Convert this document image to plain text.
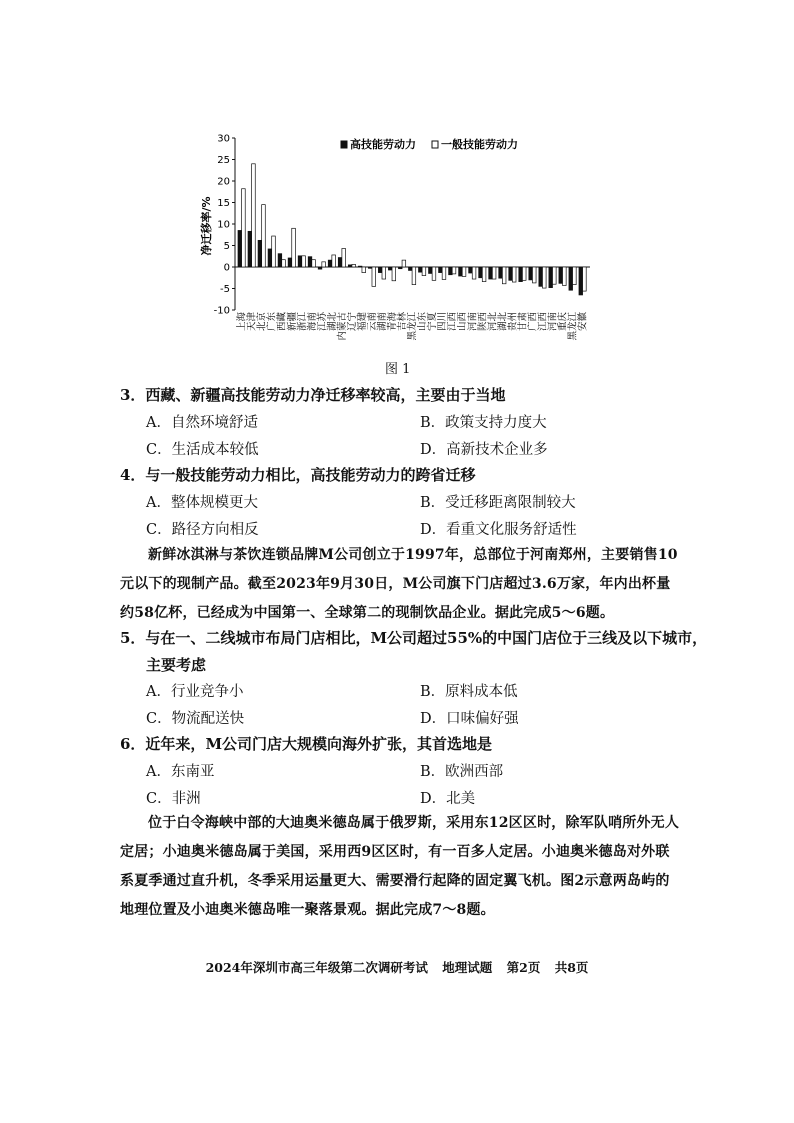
30
25
20
15
10
5
0
-5
-10
上海 天津 北京 广东 西藏 新疆 浙江 海南 江苏 湖北 内蒙古 辽宁 福建 云南 湖南 青海 吉林 黑龙江 山东 宁夏 四川 江西 山西 河南 陕西 河北 湖北 贵州 甘肃 广西 江西 河南 重庆 黑龙江 安徽
高技能劳动力 一般技能劳动力
净迁移率/%
图 1
3．西藏、新疆高技能劳动力净迁移率较高，主要由于当地
A．自然环境舒适	B．政策支持力度大
C．生活成本较低	D．高新技术企业多
4．与一般技能劳动力相比，高技能劳动力的跨省迁移
A．整体规模更大	B．受迁移距离限制较大
C．路径方向相反	D．看重文化服务舒适性
新鲜冰淇淋与茶饮连锁品牌M公司创立于1997年，总部位于河南郑州，主要销售10元以下的现制产品。截至2023年9月30日，M公司旗下门店超过3.6万家，年内出杯量约58亿杯，已经成为中国第一、全球第二的现制饮品企业。据此完成5～6题。
5．与在一、二线城市布局门店相比，M公司超过55%的中国门店位于三线及以下城市，
主要考虑
A．行业竞争小	B．原料成本低
C．物流配送快	D．口味偏好强
6．近年来，M公司门店大规模向海外扩张，其首选地是
A．东南亚	B．欧洲西部
C．非洲	D．北美
位于白令海峡中部的大迪奥米德岛属于俄罗斯，采用东12区区时，除军队哨所外无人定居；小迪奥米德岛属于美国，采用西9区区时，有一百多人定居。小迪奥米德岛对外联系夏季通过直升机，冬季采用运量更大、需要滑行起降的固定翼飞机。图2示意两岛屿的地理位置及小迪奥米德岛唯一聚落景观。据此完成7～8题。
2024年深圳市高三年级第二次调研考试 地理试题 第2页 共8页
